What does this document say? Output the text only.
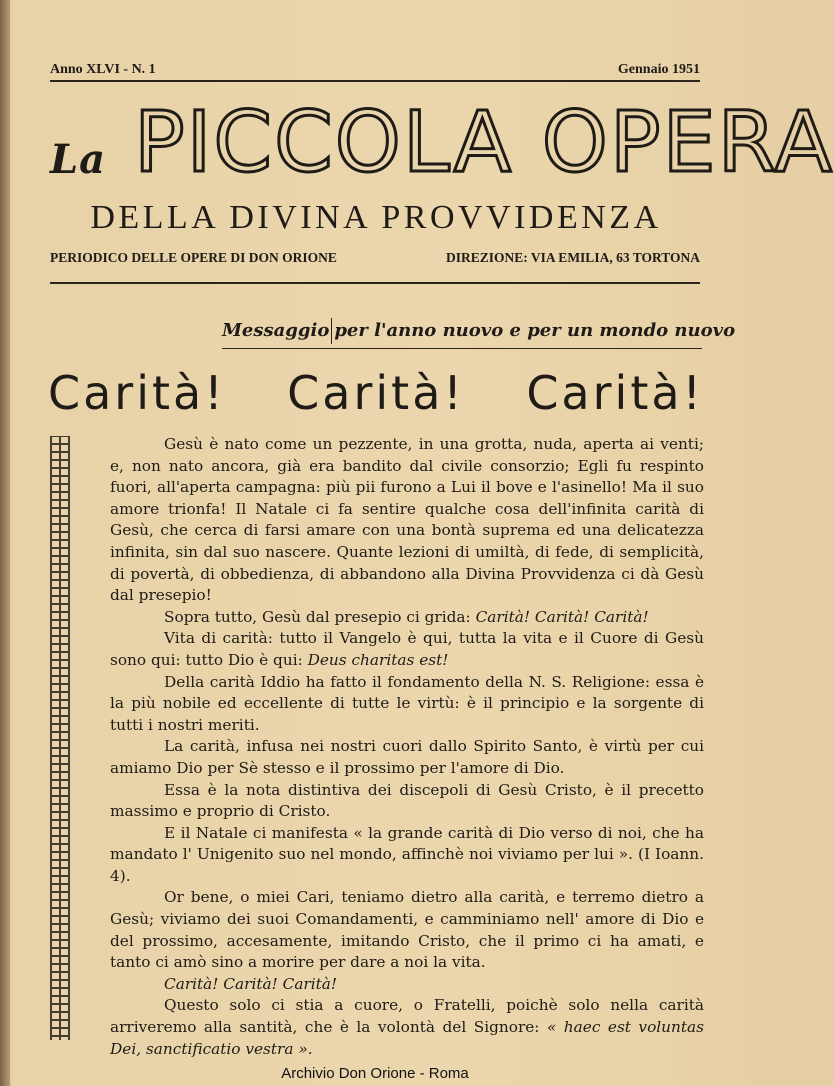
Anno XLVI - N. 1	Gennaio 1951
La PICCOLA OPERA
DELLA DIVINA PROVVIDENZA
PERIODICO DELLE OPERE DI DON ORIONE	DIREZIONE: VIA EMILIA, 63 TORTONA
Messaggio per l'anno nuovo e per un mondo nuovo
Carità! Carità! Carità!

Gesù è nato come un pezzente, in una grotta, nuda, aperta ai venti; e, non nato ancora, già era bandito dal civile consorzio; Egli fu respinto fuori, all'aperta campagna: più pii furono a Lui il bove e l'asinello! Ma il suo amore trionfa! Il Natale ci fa sentire qualche cosa dell'infinita carità di Gesù, che cerca di farsi amare con una bontà suprema ed una delicatezza infinita, sin dal suo nascere. Quante lezioni di umiltà, di fede, di semplicità, di povertà, di obbedienza, di abbandono alla Divina Provvidenza ci dà Gesù dal presepio!

Sopra tutto, Gesù dal presepio ci grida: Carità! Carità! Carità!

Vita di carità: tutto il Vangelo è qui, tutta la vita e il Cuore di Gesù sono qui: tutto Dio è qui: Deus charitas est!

Della carità Iddio ha fatto il fondamento della N. S. Religione: essa è la più nobile ed eccellente di tutte le virtù: è il principio e la sorgente di tutti i nostri meriti.

La carità, infusa nei nostri cuori dallo Spirito Santo, è virtù per cui amiamo Dio per Sè stesso e il prossimo per l'amore di Dio.

Essa è la nota distintiva dei discepoli di Gesù Cristo, è il precetto massimo e proprio di Cristo.

E il Natale ci manifesta « la grande carità di Dio verso di noi, che ha mandato l' Unigenito suo nel mondo, affinchè noi viviamo per lui ». (I Ioann. 4).

Or bene, o miei Cari, teniamo dietro alla carità, e terremo dietro a Gesù; viviamo dei suoi Comandamenti, e camminiamo nell' amore di Dio e del prossimo, accesamente, imitando Cristo, che il primo ci ha amati, e tanto ci amò sino a morire per dare a noi la vita.

Carità! Carità! Carità!

Questo solo ci stia a cuore, o Fratelli, poichè solo nella carità arriveremo alla santità, che è la volontà del Signore: « haec est voluntas Dei, sanctificatio vestra ».

Archivio Don Orione - Roma
